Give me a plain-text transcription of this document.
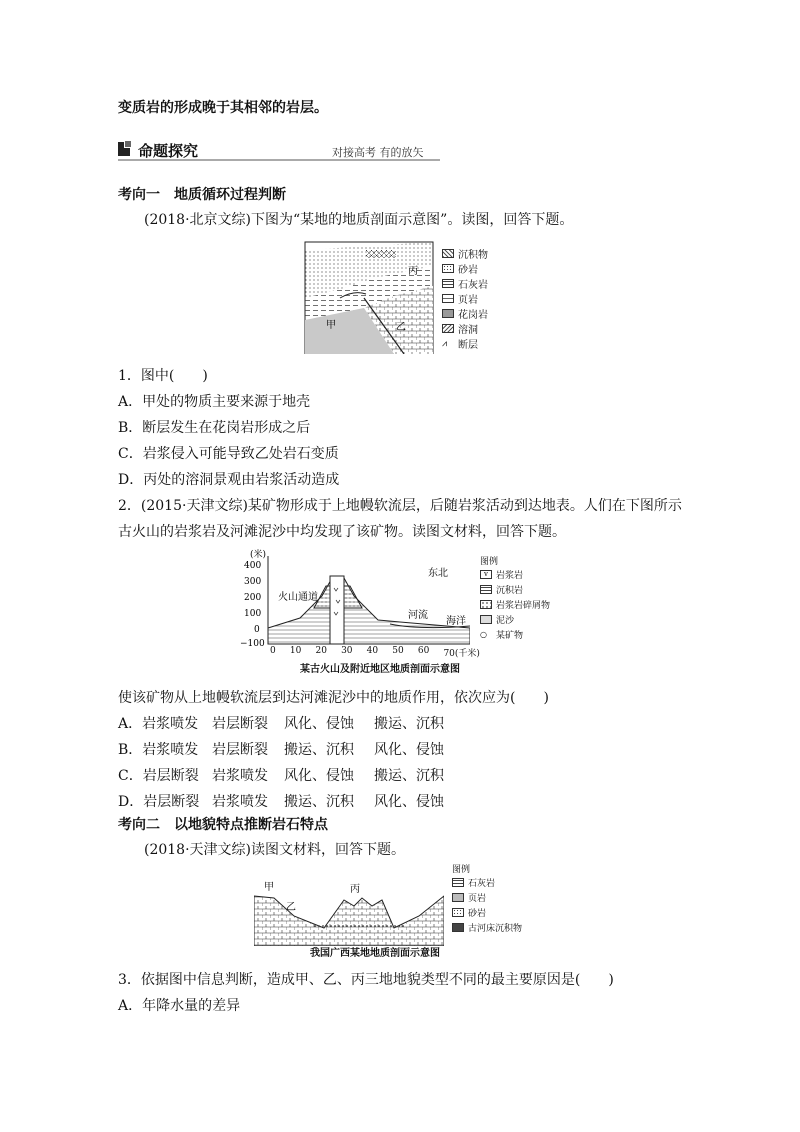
变质岩的形成晚于其相邻的岩层。
命题探究	对接高考 有的放矢
考向一　地质循环过程判断
(2018·北京文综)下图为“某地的地质剖面示意图”。读图，回答下题。
丙
乙
甲
沉积物
砂岩
石灰岩
页岩
花岗岩
溶洞
⩘	断层
1．图中(　　)
A．甲处的物质主要来源于地壳
B．断层发生在花岗岩形成之后
C．岩浆侵入可能导致乙处岩石变质
D．丙处的溶洞景观由岩浆活动造成
2．(2015·天津文综)某矿物形成于上地幔软流层，后随岩浆活动到达地表。人们在下图所示
古火山的岩浆岩及河滩泥沙中均发现了该矿物。读图文材料，回答下题。
(米)
400
300
200
100
0
−100
火山通道
河流
海洋
东北
0 10 20 30 40 50 60 70(千米)
图例
v 岩浆岩
沉积岩
岩浆岩碎屑物
泥沙
○	某矿物
某古火山及附近地区地质剖面示意图
使该矿物从上地幔软流层到达河滩泥沙中的地质作用，依次应为(　　)
A．岩浆喷发 岩层断裂 风化、侵蚀 搬运、沉积
B．岩浆喷发 岩层断裂 搬运、沉积 风化、侵蚀
C．岩层断裂 岩浆喷发 风化、侵蚀 搬运、沉积
D．岩层断裂 岩浆喷发 搬运、沉积 风化、侵蚀
考向二　以地貌特点推断岩石特点
(2018·天津文综)读图文材料，回答下题。
甲
乙
丙
图例
石灰岩
页岩
砂岩
古河床沉积物
我国广西某地地质剖面示意图
3．依据图中信息判断，造成甲、乙、丙三地地貌类型不同的最主要原因是(　　)
A．年降水量的差异
